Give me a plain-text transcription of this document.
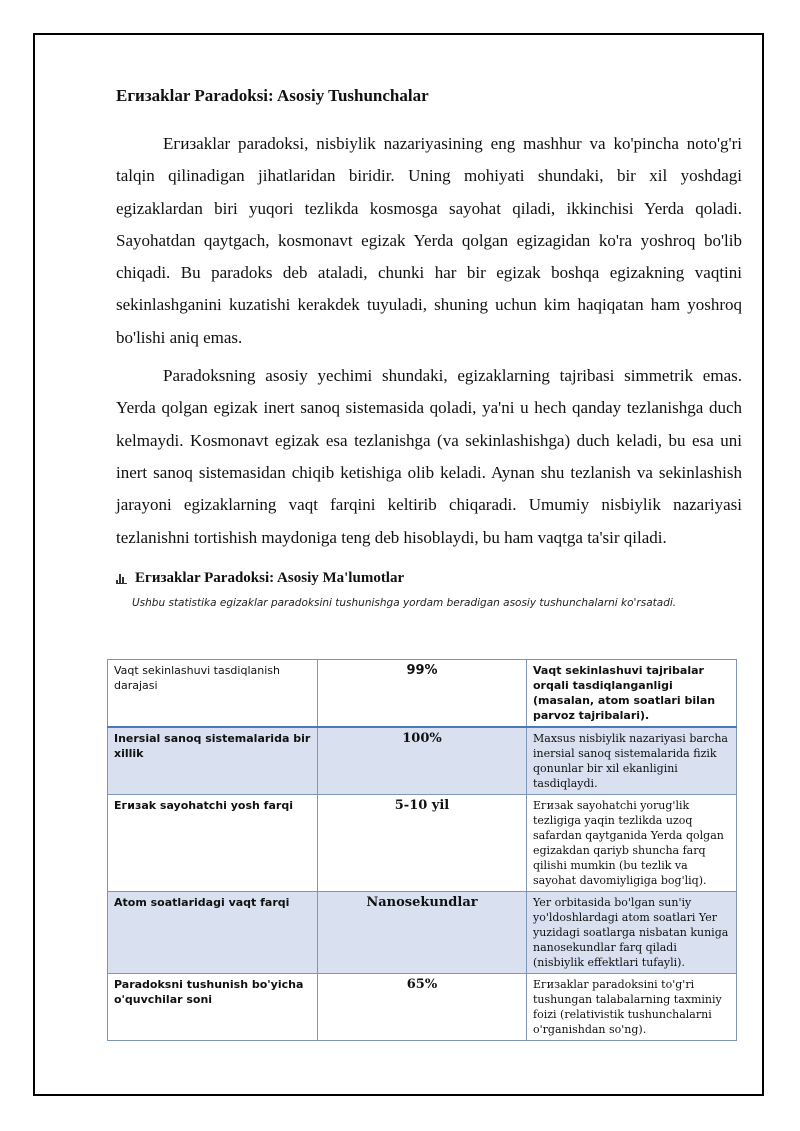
Eгизaklar Paradoksi: Asosiy Tushunchalar

Eгизaklar paradoksi, nisbiylik nazariyasining eng mashhur va ko'pincha noto'g'ri talqin qilinadigan jihatlaridan biridir. Uning mohiyati shundaki, bir xil yoshdagi egizaklardan biri yuqori tezlikda kosmosga sayohat qiladi, ikkinchisi Yerda qoladi. Sayohatdan qaytgach, kosmonavt egizak Yerda qolgan egizagidan ko'ra yoshroq bo'lib chiqadi. Bu paradoks deb ataladi, chunki har bir egizak boshqa egizakning vaqtini sekinlashganini kuzatishi kerakdek tuyuladi, shuning uchun kim haqiqatan ham yoshroq bo'lishi aniq emas.

Paradoksning asosiy yechimi shundaki, egizaklarning tajribasi simmetrik emas. Yerda qolgan egizak inert sanoq sistemasida qoladi, ya'ni u hech qanday tezlanishga duch kelmaydi. Kosmonavt egizak esa tezlanishga (va sekinlashishga) duch keladi, bu esa uni inert sanoq sistemasidan chiqib ketishiga olib keladi. Aynan shu tezlanish va sekinlashish jarayoni egizaklarning vaqt farqini keltirib chiqaradi. Umumiy nisbiylik nazariyasi tezlanishni tortishish maydoniga teng deb hisoblaydi, bu ham vaqtga ta'sir qiladi.

Eгизaklar Paradoksi: Asosiy Ma'lumotlar
Ushbu statistika egizaklar paradoksini tushunishga yordam beradigan asosiy tushunchalarni ko'rsatadi.
Vaqt sekinlashuvi tasdiqlanish darajasi	99%	Vaqt sekinlashuvi tajribalar orqali tasdiqlanganligi (masalan, atom soatlari bilan parvoz tajribalari).
Inersial sanoq sistemalarida bir xillik	100%	Maxsus nisbiylik nazariyasi barcha inersial sanoq sistemalarida fizik qonunlar bir xil ekanligini tasdiqlaydi.
Eгизak sayohatchi yosh farqi	5-10 yil	Eгизak sayohatchi yorug'lik tezligiga yaqin tezlikda uzoq safardan qaytganida Yerda qolgan egizakdan qariyb shuncha farq qilishi mumkin (bu tezlik va sayohat davomiyligiga bog'liq).
Atom soatlaridagi vaqt farqi	Nanosekundlar	Yer orbitasida bo'lgan sun'iy yo'ldoshlardagi atom soatlari Yer yuzidagi soatlarga nisbatan kuniga nanosekundlar farq qiladi (nisbiylik effektlari tufayli).
Paradoksni tushunish bo'yicha o'quvchilar soni	65%	Eгизaklar paradoksini to'g'ri tushungan talabalarning taxminiy foizi (relativistik tushunchalarni o'rganishdan so'ng).
